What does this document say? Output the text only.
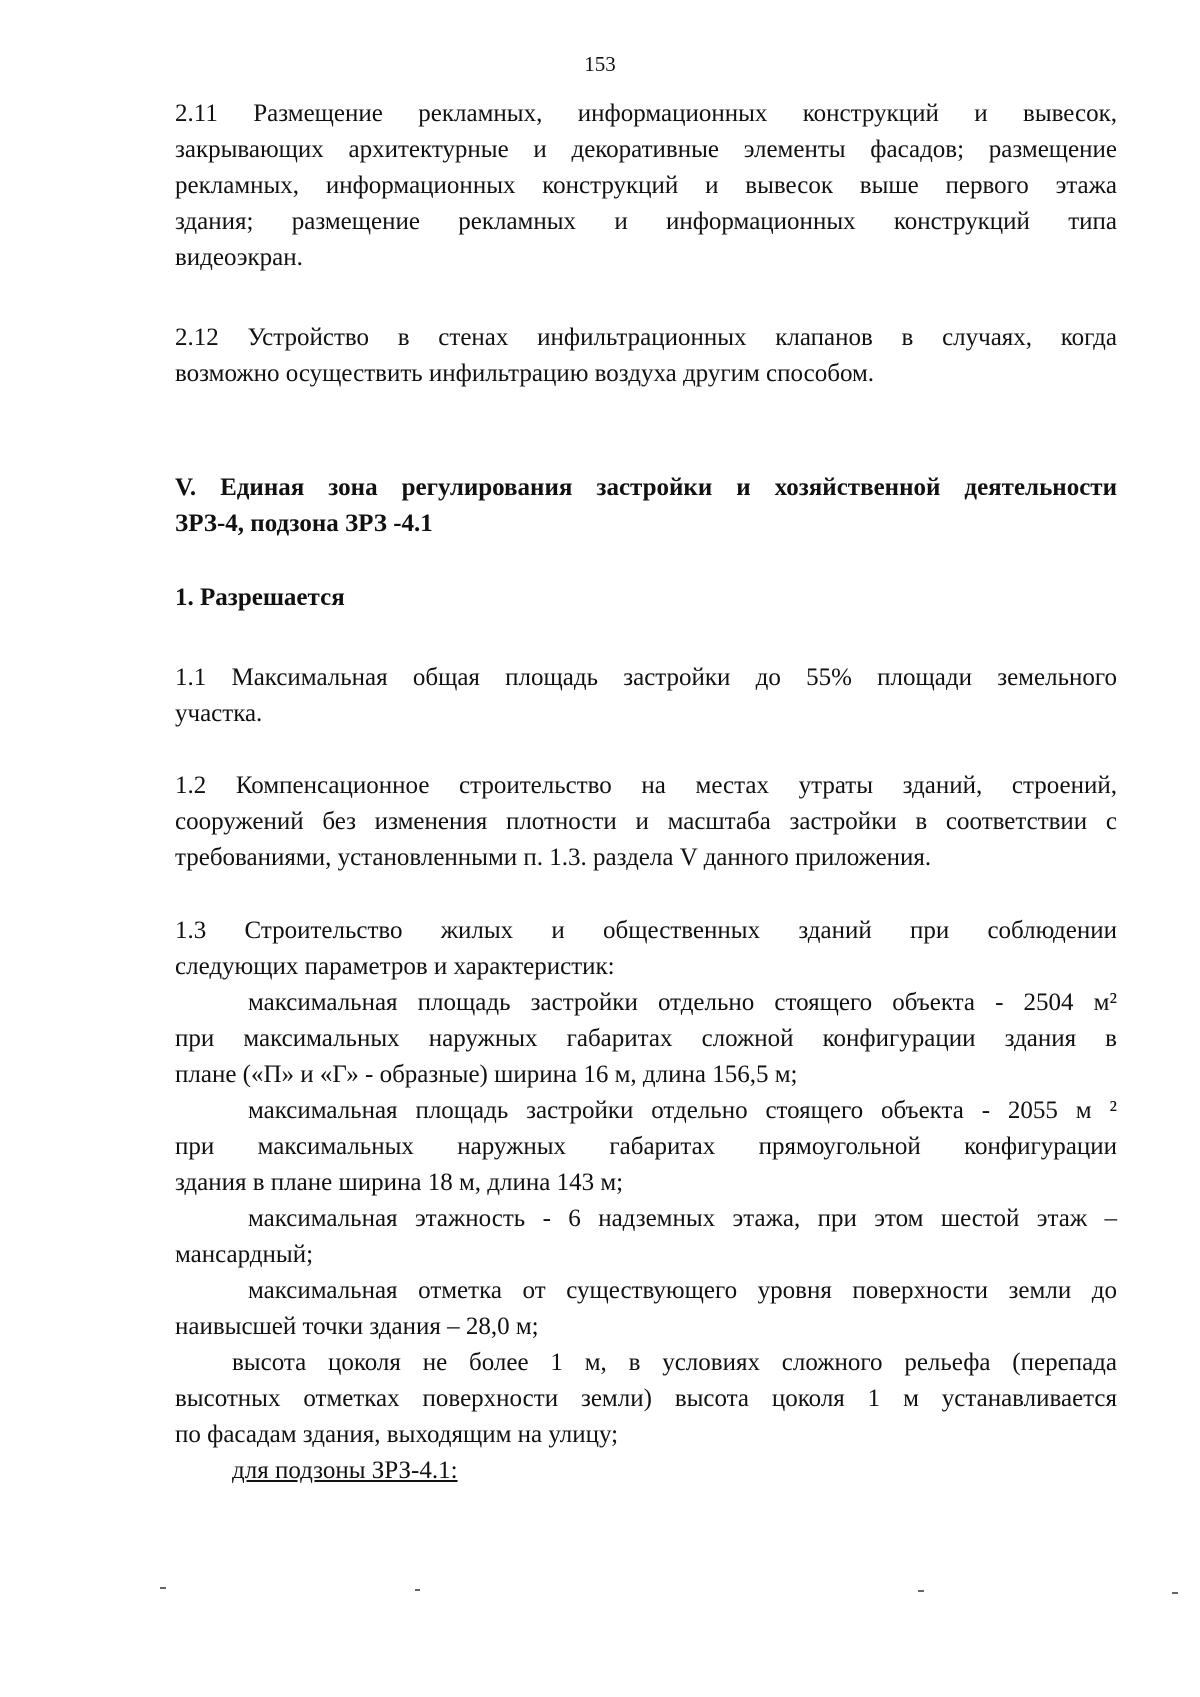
153
2.11 Размещение рекламных, информационных конструкций и вывесок,
закрывающих архитектурные и декоративные элементы фасадов; размещение
рекламных, информационных конструкций и вывесок выше первого этажа
здания; размещение рекламных и информационных конструкций типа
видеоэкран.
2.12 Устройство в стенах инфильтрационных клапанов в случаях, когда
возможно осуществить инфильтрацию воздуха другим способом.
V. Единая зона регулирования застройки и хозяйственной деятельности
ЗРЗ-4, подзона ЗРЗ -4.1
1. Разрешается
1.1 Максимальная общая площадь застройки до 55% площади земельного
участка.
1.2 Компенсационное строительство на местах утраты зданий, строений,
сооружений без изменения плотности и масштаба застройки в соответствии с
требованиями, установленными п. 1.3. раздела V данного приложения.
1.3 Строительство жилых и общественных зданий при соблюдении
следующих параметров и характеристик:
максимальная площадь застройки отдельно стоящего объекта - 2504 м²
при максимальных наружных габаритах сложной конфигурации здания в
плане («П» и «Г» - образные) ширина 16 м, длина 156,5 м;
максимальная площадь застройки отдельно стоящего объекта - 2055 м ²
при максимальных наружных габаритах прямоугольной конфигурации
здания в плане ширина 18 м, длина 143 м;
максимальная этажность - 6 надземных этажа, при этом шестой этаж –
мансардный;
максимальная отметка от существующего уровня поверхности земли до
наивысшей точки здания – 28,0 м;
высота цоколя не более 1 м, в условиях сложного рельефа (перепада
высотных отметках поверхности земли) высота цоколя 1 м устанавливается
по фасадам здания, выходящим на улицу;
для подзоны ЗРЗ-4.1:
